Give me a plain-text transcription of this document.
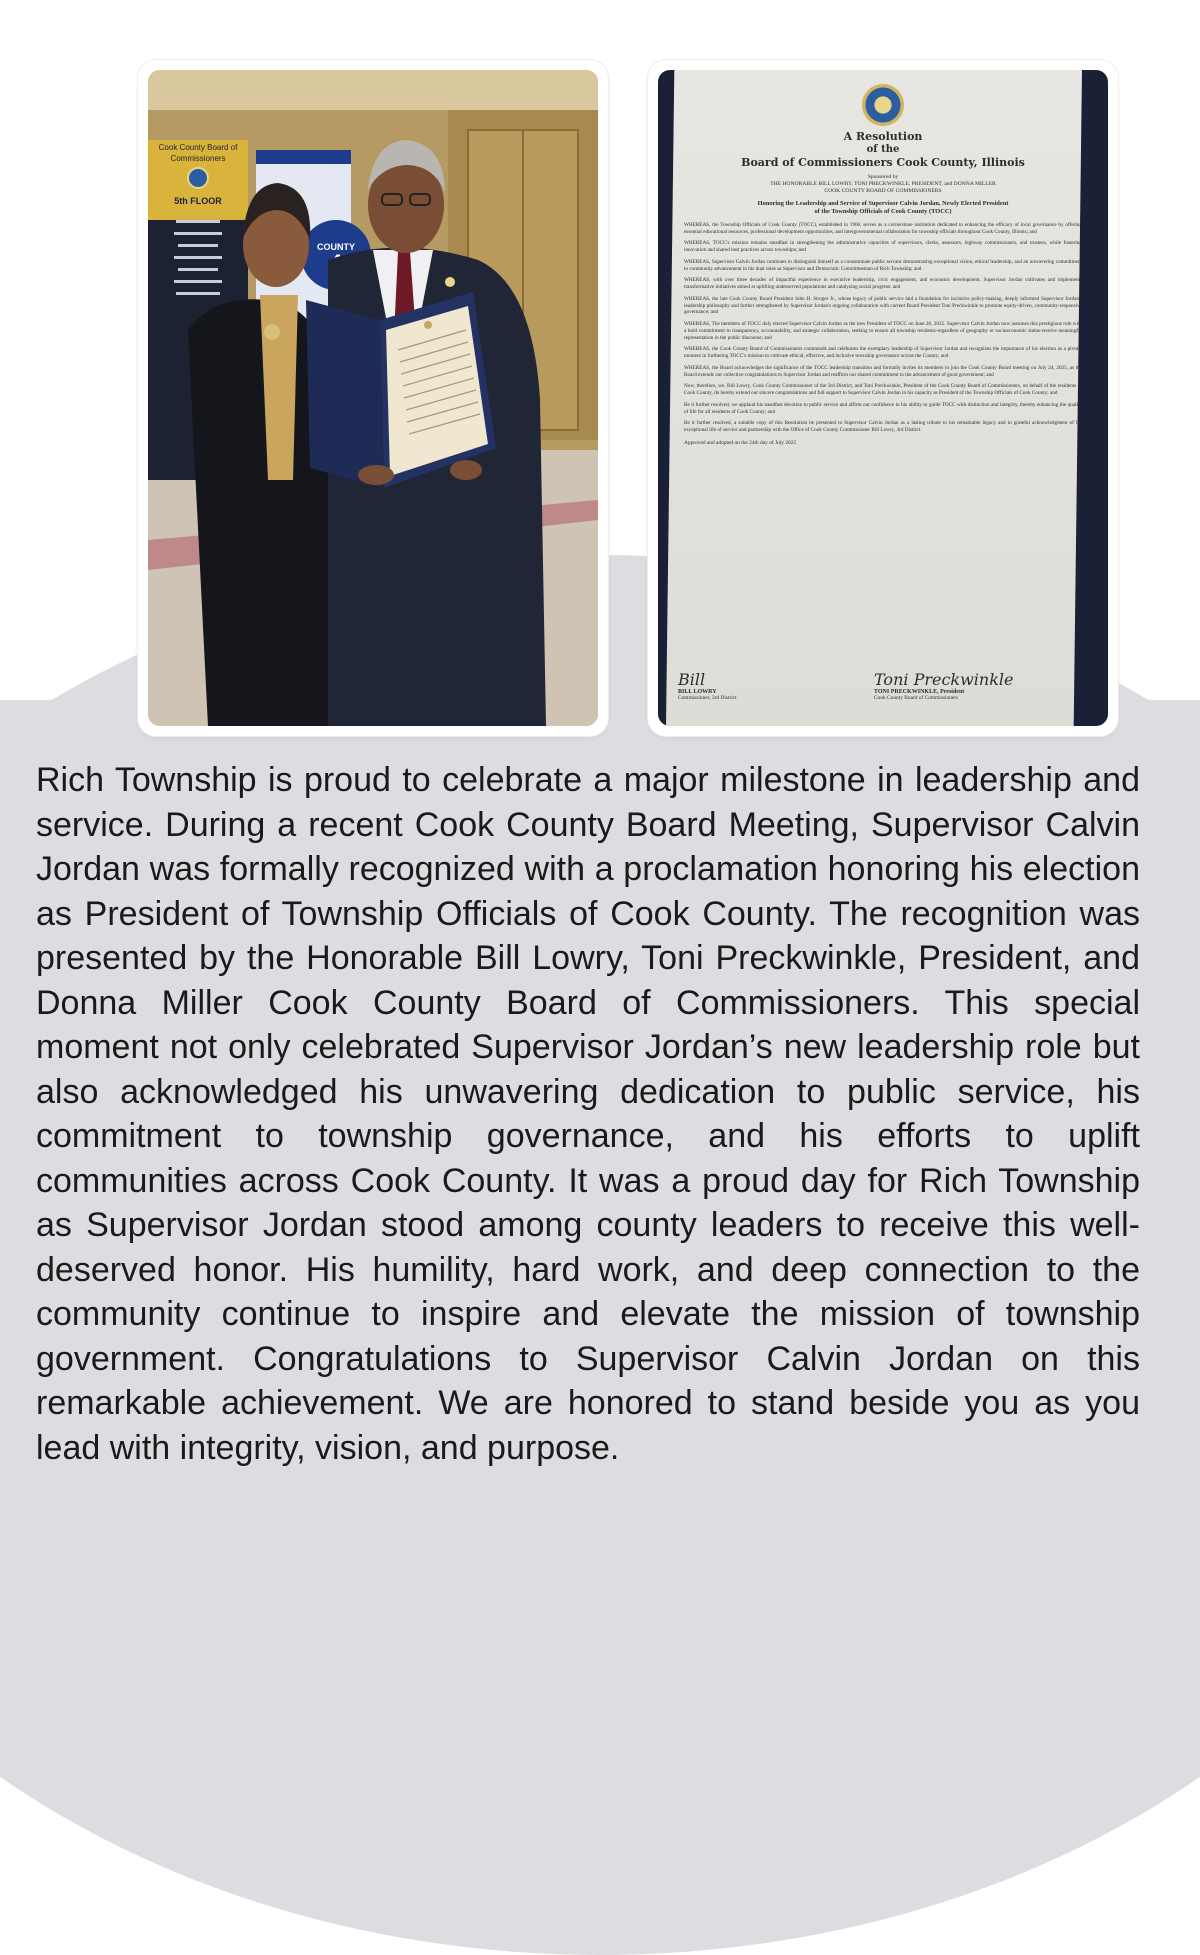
Cook County Board of
Commissioners
5th FLOOR
COUNTY
A Resolution
of the
Board of Commissioners Cook County, Illinois
Sponsored by
THE HONORABLE BILL LOWRY, TONI PRECKWINKLE, PRESIDENT, and DONNA MILLER
COOK COUNTY BOARD OF COMMISSIONERS
Honoring the Leadership and Service of Supervisor Calvin Jordan, Newly Elected President
of the Township Officials of Cook County (TOCC)

WHEREAS, the Township Officials of Cook County (TOCC), established in 1966, serves as a cornerstone institution dedicated to enhancing the efficacy of local governance by offering essential educational resources, professional development opportunities, and intergovernmental collaboration for township officials throughout Cook County, Illinois; and

WHEREAS, TOCC's mission remains steadfast in strengthening the administrative capacities of supervisors, clerks, assessors, highway commissioners, and trustees, while fostering innovation and shared best practices across townships; and

WHEREAS, Supervisor Calvin Jordan continues to distinguish himself as a consummate public servant demonstrating exceptional vision, ethical leadership, and an unwavering commitment to community advancement in his dual roles as Supervisor and Democratic Committeeman of Rich Township; and

WHEREAS, with over three decades of impactful experience in executive leadership, civic engagement, and economic development, Supervisor Jordan cultivates and implements transformative initiatives aimed at uplifting underserved populations and catalyzing social progress; and

WHEREAS, the late Cook County Board President John H. Stroger Jr., whose legacy of public service laid a foundation for inclusive policy-making, deeply informed Supervisor Jordan's leadership philosophy and further strengthened by Supervisor Jordan's ongoing collaboration with current Board President Toni Preckwinkle to promote equity-driven, community-responsive governance; and

WHEREAS, The members of TOCC duly elected Supervisor Calvin Jordan as the new President of TOCC on June 26, 2025. Supervisor Calvin Jordan now assumes this prestigious role with a bold commitment to transparency, accountability, and strategic collaboration, seeking to ensure all township residents-regardless of geography or socioeconomic status-receive meaningful representation in the public discourse; and

WHEREAS, the Cook County Board of Commissioners commends and celebrates the exemplary leadership of Supervisor Jordan and recognizes the importance of his election as a pivotal moment in furthering TOCC's mission to cultivate ethical, effective, and inclusive township governance across the County; and

WHEREAS, the Board acknowledges the significance of the TOCC leadership transition and formally invites its members to join the Cook County Board meeting on July 24, 2025, as the Board extends our collective congratulations to Supervisor Jordan and reaffirm our shared commitment to the advancement of good government; and

Now, therefore, we, Bill Lowry, Cook County Commissioner of the 3rd District, and Toni Preckwinkle, President of the Cook County Board of Commissioners, on behalf of the residents of Cook County, do hereby extend our sincere congratulations and full support to Supervisor Calvin Jordan in his capacity as President of the Township Officials of Cook County; and

Be it further resolved, we applaud his steadfast devotion to public service and affirm our confidence in his ability to guide TOCC with distinction and integrity, thereby enhancing the quality of life for all residents of Cook County; and

Be it further resolved, a suitable copy of this Resolution be presented to Supervisor Calvin Jordan as a lasting tribute to his remarkable legacy and in grateful acknowledgment of his exceptional life of service and partnership with the Office of Cook County Commissioner Bill Lowry, 3rd District.

Approved and adopted on the 24th day of July 2025
Bill
BILL LOWRY
Commissioner, 3rd District
Toni Preckwinkle
TONI PRECKWINKLE, President
Cook County Board of Commissioners

Rich Township is proud to celebrate a major milestone in leadership and service. During a recent Cook County Board Meeting, Supervisor Calvin Jordan was formally recognized with a proclamation honoring his election as President of Township Officials of Cook County. The recognition was presented by the Honorable Bill Lowry, Toni Preckwinkle, President, and Donna Miller Cook County Board of Commissioners. This special moment not only celebrated Supervisor Jordan’s new leadership role but also acknowledged his unwavering dedication to public service, his commitment to township governance, and his efforts to uplift communities across Cook County. It was a proud day for Rich Township as Supervisor Jordan stood among county leaders to receive this well-deserved honor. His humility, hard work, and deep connection to the community continue to inspire and elevate the mission of township government. Congratulations to Supervisor Calvin Jordan on this remarkable achievement. We are honored to stand beside you as you lead with integrity, vision, and purpose.
